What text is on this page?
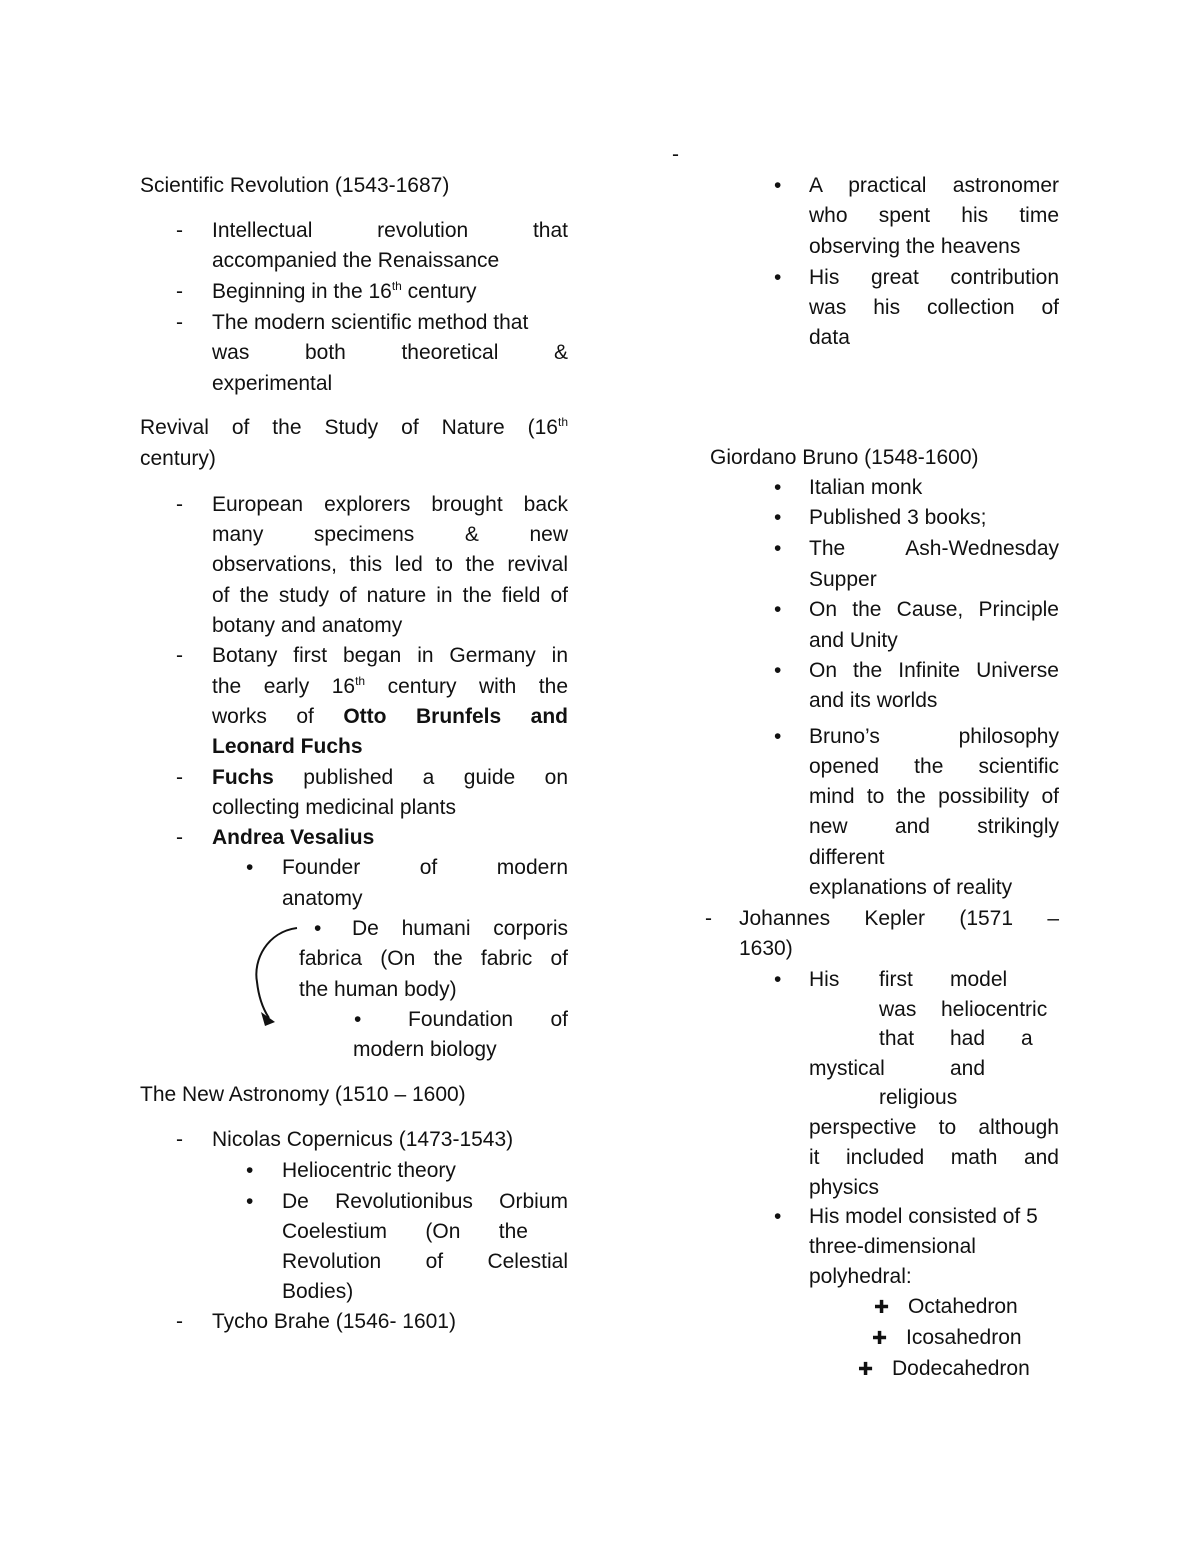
-
Scientific Revolution (1543-1687)
- Intellectual revolution that
accompanied the Renaissance
- Beginning in the 16th century
- The modern scientific method that
was both theoretical &
experimental
Revival of the Study of Nature (16th
century)
- European explorers brought back
many specimens & new
observations, this led to the revival
of the study of nature in the field of
botany and anatomy
- Botany first began in Germany in
the early 16th century with the
works of Otto Brunfels and
Leonard Fuchs
- Fuchs published a guide on
collecting medicinal plants
- Andrea Vesalius
• Founder of modern
anatomy
• De humani corporis
fabrica (On the fabric of
the human body)
• Foundation of
modern biology
The New Astronomy (1510 – 1600)
- Nicolas Copernicus (1473-1543)
• Heliocentric theory
• De Revolutionibus Orbium
Coelestium (On the
Revolution of Celestial
Bodies)
- Tycho Brahe (1546- 1601)
• A practical astronomer
who spent his time
observing the heavens
• His great contribution
was his collection of
data
Giordano Bruno (1548-1600)
• Italian monk
• Published 3 books;
• The Ash-Wednesday
Supper
• On the Cause, Principle
and Unity
• On the Infinite Universe
and its worlds
• Bruno’s philosophy
opened the scientific
mind to the possibility of
new and strikingly
different
explanations of reality
- Johannes Kepler (1571 –
1630)
• His first model
was heliocentric
that had a
mystical	and
religious
perspective to although
it included math and
physics
• His model consisted of 5
three-dimensional
polyhedral:
✚ Octahedron
✚ Icosahedron
✚ Dodecahedron
